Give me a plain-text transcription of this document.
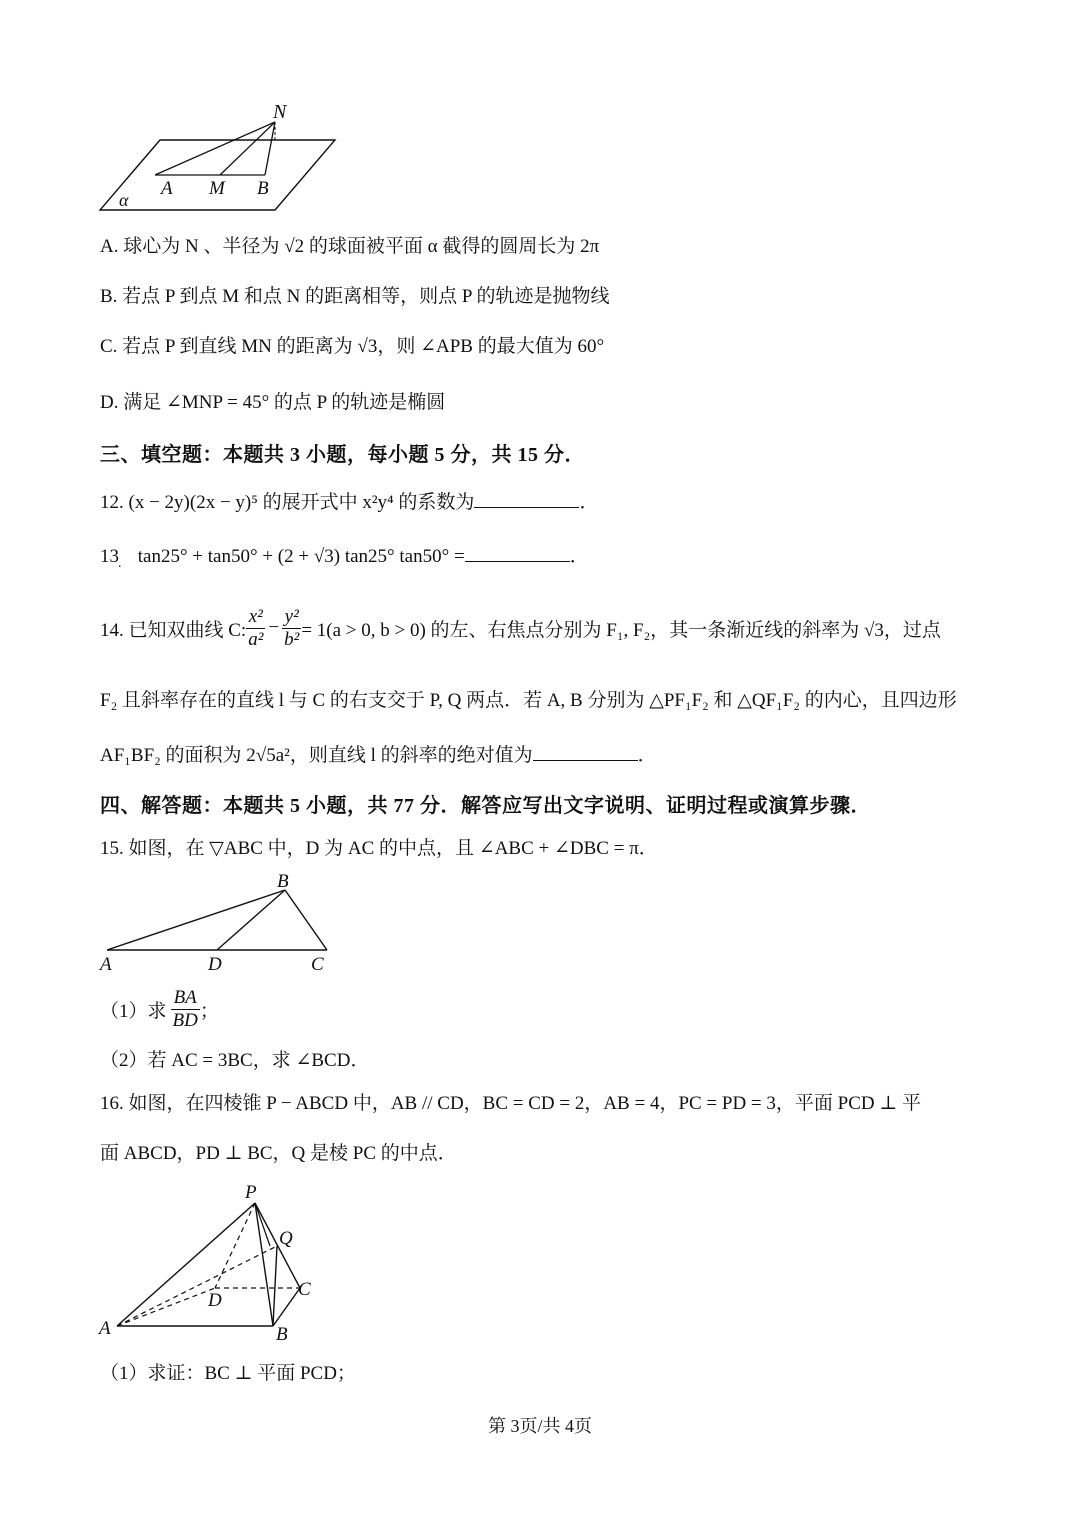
N
A M B
α
A. 球心为 N 、半径为 √2 的球面被平面 α 截得的圆周长为 2π
B. 若点 P 到点 M 和点 N 的距离相等，则点 P 的轨迹是抛物线
C. 若点 P 到直线 MN 的距离为 √3，则 ∠APB 的最大值为 60°
D. 满足 ∠MNP = 45° 的点 P 的轨迹是椭圆
三、填空题：本题共 3 小题，每小题 5 分，共 15 分．
12. (x − 2y)(2x − y)⁵ 的展开式中 x²y⁴ 的系数为	．
13 tan25° + tan50° + (2 + √3) tan25° tan50° =	．
.
14. 已知双曲线 C: $\frac{\text{x²}}{\text{a²}} - \frac{\text{y²}}{\text{b²}} = 1(a > 0$, b > 0) 的左、右焦点分别为 F₁, F₂，其一条渐近线的斜率为 √3，过点
F₂ 且斜率存在的直线 l 与 C 的右支交于 P, Q 两点．若 A, B 分别为 △PF₁F₂ 和 △QF₁F₂ 的内心，且四边形
AF₁BF₂ 的面积为 2√5a²，则直线 l 的斜率的绝对值为	．
四、解答题：本题共 5 小题，共 77 分．解答应写出文字说明、证明过程或演算步骤．
15. 如图，在 ▽ABC 中，D 为 AC 的中点，且 ∠ABC + ∠DBC = π．
B
A	D	C
（1）求 $\frac{BA}{BD}$ ；
（2）若 AC = 3BC，求 ∠BCD．
16. 如图，在四棱锥 P − ABCD 中，AB // CD，BC = CD = 2，AB = 4，PC = PD = 3，平面 PCD ⊥ 平
面 ABCD，PD ⊥ BC，Q 是棱 PC 的中点．
P
Q
C
D
A	B
（1）求证：BC ⊥ 平面 PCD；
第 3页/共 4页
